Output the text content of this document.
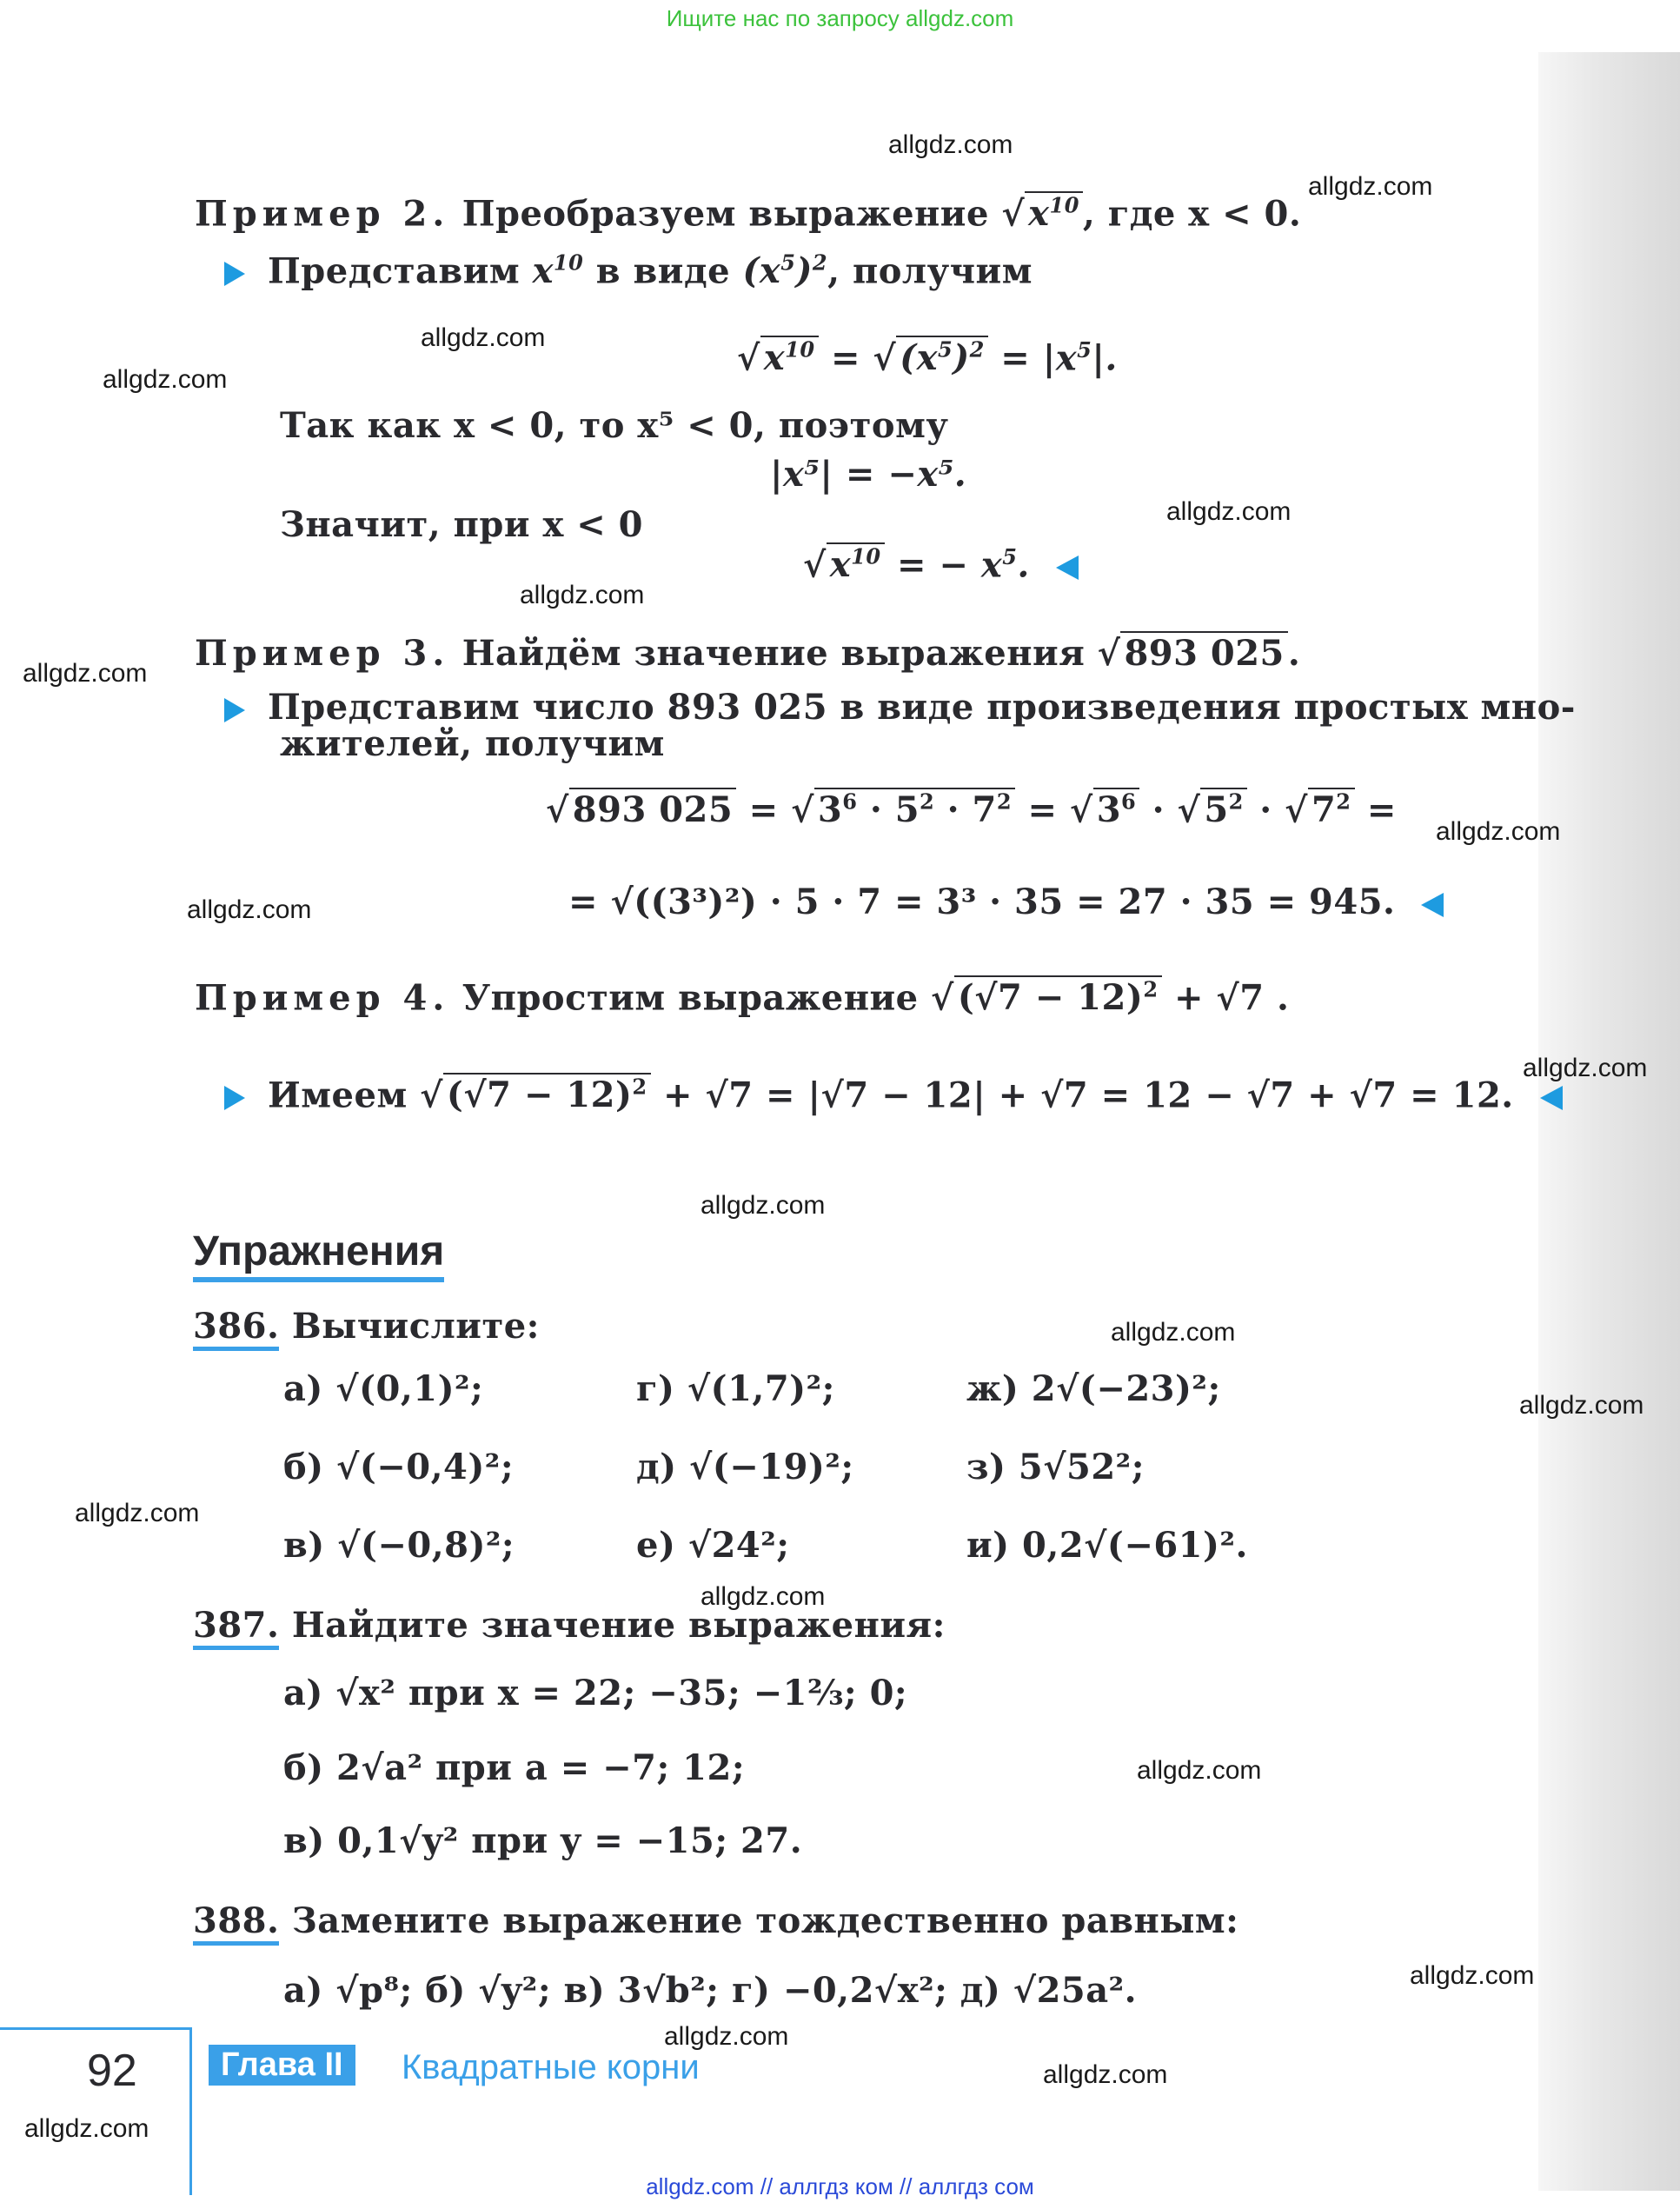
Ищите нас по запросу allgdz.com
allgdz.com
allgdz.com
allgdz.com
allgdz.com
allgdz.com
allgdz.com
allgdz.com
allgdz.com
allgdz.com
allgdz.com
allgdz.com
allgdz.com
allgdz.com
allgdz.com
allgdz.com
allgdz.com
allgdz.com
allgdz.com
allgdz.com
allgdz.com
Пример 2. Преобразуем выражение √ $x^{10}$ , где x < 0.
Представим $x^{10}$ в виде $(x^5)^2$, получим
√ $x^{10}$ = √ $(x^5)^2 = |x^5|$.
Так как x < 0, то x⁵ < 0, поэтому
|x⁵| = −x⁵.
Значит, при x < 0
√ $x^{10}$ = − $x^5$.
Пример 3. Найдём значение выражения √ 893 025 .
Представим число 893 025 в виде произведения простых мно-
жителей, получим
√ 893 025 = √ $3^6 \cdot 5^2 \cdot 7^2$ = √ $3^6$ · √ $5^2$ · √ $7^2$ =
= √((3³)²) · 5 · 7 = 3³ · 35 = 27 · 35 = 945.
Пример 4. Упростим выражение √ $(√7 - 12)^2 + √7$ .
Имеем √ $(√7 - 12)^2 + √7 = |√7 - 12| + √7 = 12 - √7 + √7 = 12$.
Упражнения
386. Вычислите:
а) √(0,1)²;	г) √(1,7)²;	ж) 2√(−23)²;
б) √(−0,4)²;	д) √(−19)²;	з) 5√52²;
в) √(−0,8)²;	е) √24²;	и) 0,2√(−61)².
387. Найдите значение выражения:
а) √x² при x = 22; −35; −1⅔; 0;
б) 2√a² при a = −7; 12;
в) 0,1√y² при y = −15; 27.
388. Замените выражение тождественно равным:
а) √p⁸; б) √y²; в) 3√b²; г) −0,2√x²; д) √25a².
92	Глава II	Квадратные корни
allgdz.com // аллгдз ком // аллгдз сом
